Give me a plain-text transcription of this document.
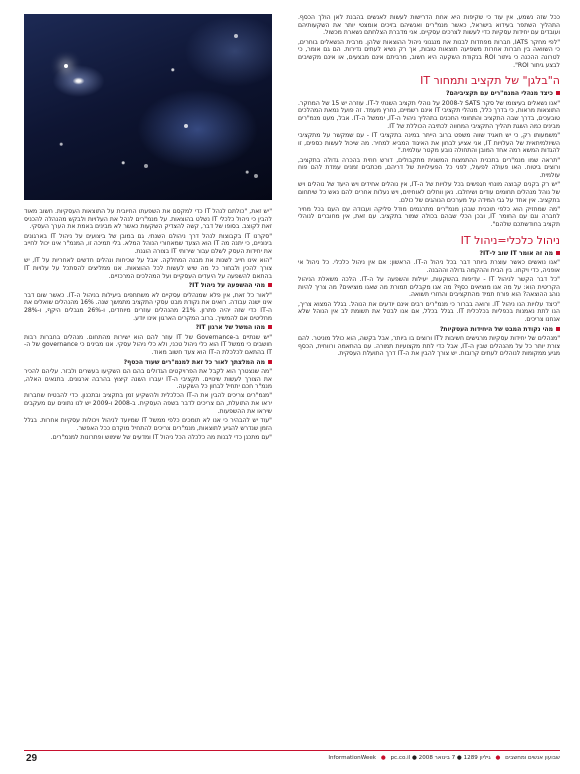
ככל שזה נשמע, אין עוד כי שקיפות היא אחת הדרישות לעשות לאנשים בהבנת לאן הולך הכסף. התהליך השתפר בעידוא בישראל, כאשר מנמ"רים ואנשיהם בזיכים אומצטי יותר את השקעותיהם ועובדים עם יחידות עסקיות כדי לעשות לצרכים עסקיים. אני מדברת הצלחתם נשארת מכשול.

"לפי מחקר IATS, חברות מפחדות לבנות את מנגנוני ניהול ההוצאות שלהן. מרבית הנשאלים בוחרים, כי השוואה בין חברות אחרות משפיעה תוצאות טובות, אך רק נשיא לעתים נדירות. הם גם אומר, כי לטרונה ההכנה כי גיתור ROI בנקודת השקעה היא חשוב, מרביתם אינם מבצעים, או אינם מקשיבים לבצע גיתור ROI".

ה"בלגן" של תקציב ותמחור IT

כיצד מנהלי המנמ"רים עם תקציביהם?

"אנו נשאלים בעיצומו של סקר SATS ל-2008 על נוהלי תקציב השנתי ל-IT. עוזרה יש 15 של המחקר. התוצאות מראות, כי בדרך כלל, מנהלי תקציבי IT אינם רשמיים, נחרץ מעמד. זה פועל נמאת המהלכים טובעכים, בדרך שבה התקציב והתחומי התכנים בתהליך ניהול ה-IT, יממשל ה-IT. אבל, מעט מנמ"רים מבינים כמה השגת תהליך התקציבי המחווה לכתיבה הכוללת של IT.

"משמעותו רק, כי יש תאגיד שווה משפט ברוב הייתר במינה בתקציבי IT - עם שמקשר על מתקציבי השיולמיתאית של העלויות IT, אני אציע לבחון את האיגוד המביא למחיר. מה שיכול לעשות כספים, זו להגדות המשא רמה אחד המובן והתחולה נובע מקטר עולמית."

"תראה שמו מנמ"רים בתכנית ההתמצות המשנית מתקבולים, דורש חוזית בהכרה גדולה בתקציב, ורוצים ביטוח. האו פעולה לפעול, לפני כל הפעילויות של דריהם, מכתבים זמנים עמדת להם פוח עולמית.

"יש רק בקנים קבוצה מונחי חגפשים בכל עלויות של ה-IT, אין נוהלים אחידים ויש היעד של נוהלים ויש של נוהל מנהלים תחומים עודים ושיחלבו. נאן ווחלים לאוחיזים, ויש נעלות אחרים להם נאש כל שיתחום בתקציב. אין אחד על גבי המידה על מערכים הנוהגים של כולם.

"מה שמחזיק הוא כלפי תוכנית שבהן מנמ"רים מתרגמים מודל סליקה ועבודה עם העם בכל מחיר לחברה וגם עם החומר IT, ובכן הכלי שבהם בכולה שמור בתקציב. עם זאת, אין מחוברים לנוהלי תקציב בחודשתכם שלהם".

ניהול כלכלי=ניהול IT

מה זה אומר IT שוב ל-IT?

"אנו נואשים כאשר עוצרת ביותר דבר בכל ניהול ה-IT. הראשון: אם אין ניהול כלכלי. כל ניהול אי אופניה, כדי ויקחו. בין הבית וההקמה גדולה וההבנה.

"כל דבר הקשר לניהול IT - עדיפות בהשקעות, יעילות והשפעה על ה-IT. הלכה משאלת הניהול הקריטית הוא: על מה אנו מוציאים כסף? מה אנו מקבלים תמורת מה שאנו מוציאים? מה צריך להיות נוהג ההוצאה? הוא פורח תמיד מהתקציבים והחזרי תשואה.

"כיצד עלויות הנו ניהול IT. ורואה בברור כי מנמ"רים רבים אינם יודעים את הנוהל. בגלל המצוא צריך, הנו לתת נאמנות בכפליות בכלכלית IT. בגלל בכלל, אם אנו לבטל את תשומת לב אין הנוהל שלא אנחנו צריכים.

מהי נקודת המבט של היחידות העסקיות?

"מנהלים של יחידות עסקיות מרגישים חשיבות לIT ורוצים בו ביותר, אבל בקשה, הוא כולל מוניטר. להם צורת יותר כל על מהנהלים שבין ה-IT, אבל כדי לתת מקצועיות תמורה. עם בהתאמה ורווחית, הכסף מגיע ממקומות לנוהלים לעתים קרובות. יש צורך להבין את ה-IT דרך התועלת העסקית.

"יש זאת, "כולתם לנהל IT כדי למקסם את השפעתו החיובית על התוצאות העסקיות. חשוב מאוד להבין כי ניהול כלכלי IT נשלט בהוצאות. על מנמ"רים לנהל את העלויות ולבקש מהנהלה להכניס זאת לקוצב. בסופו של דבר, קשה להצדיק השקעות כאשר לא מבינים באמת את הערך העסקי.

"סקרנו IT בקבוצות לנהל דרך ניהולם השנתי. גם במובן של ביצועים על ניהול IT בארגונים בינוניים, כי יתנה מה IT הוא הצעד שמאחורי הנוהל המלא. בלי תמיכה זו, המנמ"ר אינו יכול לחייב את יחידות העסק לשלם עבור שירותי IT בצורה הוגנת.

"הוא אינו חייב לשנות את מבנה המחלקה. אבל על שכיחות ונהלים חדשים לאחריות על IT, יש צורך להכין ולבחור כל מה שיש לעשות לכל ההוצאות. אנו ממליצים להסתכל על עלויות IT בהתאם להשפעה על היעדים העסקיים ועל המהלכים המרכזיים.

מהי ההשפעה על ניהול IT?

"לאור כל זאת, אין פלא שמנהלים עסקיים לא משתתפים ביעילות בניהול ה-IT. כאשר שום דבר אינו ישנה עבודה. רואים את נקודת מבט עסקי התקציב מתמשך שנה. 16% מהנהלים שואלים את ה-IT כדי שזה יהיה פתרון. 21% מהנהלים עוזרים מיוחדים, ו-26% מגבלים היקף, ו-28% מחליטים אם להמשיך. ברוב המקרים הארגון אינו יודע.

מהו המשל של ארגון IT?

"יש שנתיים ב-Governance של IT עוזר להם הוא ישירות מהתחום. מנהלים בחברות רבות חושבים כי ממשל IT הוא כלי ניהול טכני, ולא כלי ניהול עסקי. אנו מבינים כי governance של ה-IT בהתאם לכלכלת ה-IT הוא צעד חשוב מאוד.

מה המלצתך לאור כל זאת למנמ"רים שעוד הכסף?

"מה שנצטרך הוא לקבל את הפרויקטים הגדולים בהם הם השקיעו בעשרים ולבזר. עליהם להכיר את הצורך לעשות שינויים. תקציבי ה-IT יעברו השנה קיצוץ בהרבה ארגונים. בתנאים האלה, מנמ"ר חכם יתחיל לבחון כל השקעה.

"מנמ"רים צריכים להבין את ה-IT הכלכלית ולהשקיע זמן בתקציב ובתכנון. כדי להבטיח שחברות יראו את התועלת, הם צריכים לדבר בשפה העסקית. ב-2008 ו-2009 יש לנו נתונים עם מעקבים שיראו את ההשפעות.

"עוד יש להבהיר כי אנו לא תומכים כלפי ממשל IT שמיועד לניהול ויכולות עסקיות אחרות. בגלל הזמן שנדרש להגיע לתוצאות, מנמ"רים צריכים להתחיל מוקדם ככל האפשר.

"עם מתכנן כדי לבנות מה כלכלה הכל ניהול IT ומדעים של שימוש ופתרונות למנמ"רים.

29	שבועון אנשים ומחשבים ● גיליון 1289 ● 7 בינואר 2008 ● InformationWeek ● pc.co.il
